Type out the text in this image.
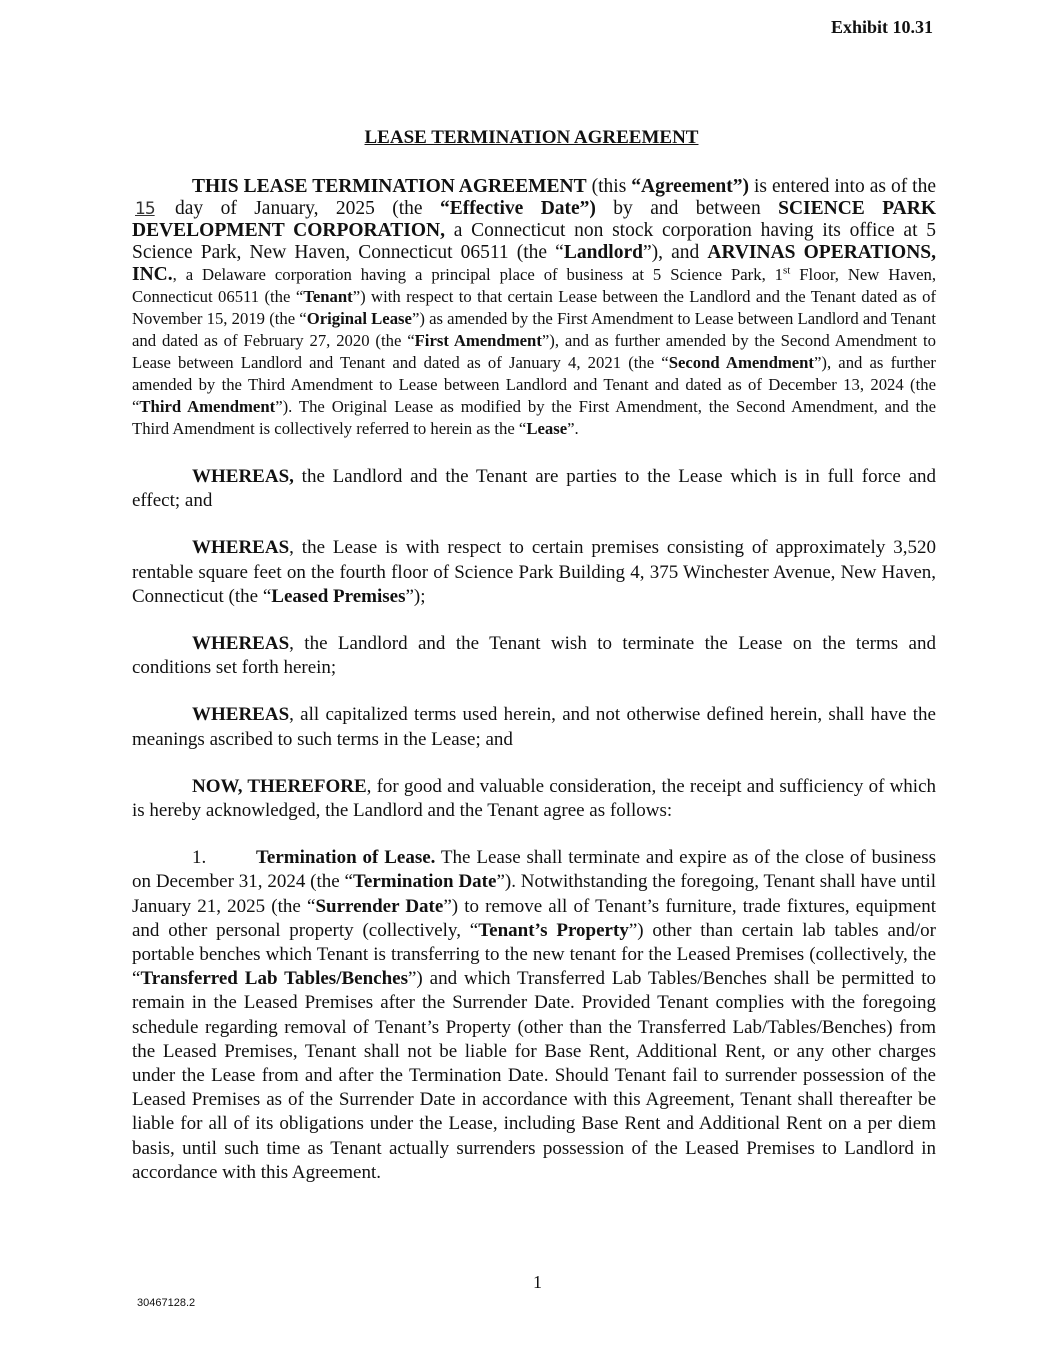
Exhibit 10.31
LEASE TERMINATION AGREEMENT

THIS LEASE TERMINATION AGREEMENT (this “Agreement”) is entered into as of the 15 day of January, 2025 (the “Effective Date”) by and between SCIENCE PARK DEVELOPMENT CORPORATION, a Connecticut non stock corporation having its office at 5 Science Park, New Haven, Connecticut 06511 (the “Landlord”), and ARVINAS OPERATIONS, INC., a Delaware corporation having a principal place of business at 5 Science Park, 1st Floor, New Haven, Connecticut 06511 (the “Tenant”) with respect to that certain Lease between the Landlord and the Tenant dated as of November 15, 2019 (the “Original Lease”) as amended by the First Amendment to Lease between Landlord and Tenant and dated as of February 27, 2020 (the “First Amendment”), and as further amended by the Second Amendment to Lease between Landlord and Tenant and dated as of January 4, 2021 (the “Second Amendment”), and as further amended by the Third Amendment to Lease between Landlord and Tenant and dated as of December 13, 2024 (the “Third Amendment”). The Original Lease as modified by the First Amendment, the Second Amendment, and the Third Amendment is collectively referred to herein as the “Lease”.

WHEREAS, the Landlord and the Tenant are parties to the Lease which is in full force and effect; and

WHEREAS, the Lease is with respect to certain premises consisting of approximately 3,520 rentable square feet on the fourth floor of Science Park Building 4, 375 Winchester Avenue, New Haven, Connecticut (the “Leased Premises”);

WHEREAS, the Landlord and the Tenant wish to terminate the Lease on the terms and conditions set forth herein;

WHEREAS, all capitalized terms used herein, and not otherwise defined herein, shall have the meanings ascribed to such terms in the Lease; and

NOW, THEREFORE, for good and valuable consideration, the receipt and sufficiency of which is hereby acknowledged, the Landlord and the Tenant agree as follows:

1.	Termination of Lease. The Lease shall terminate and expire as of the close of business on December 31, 2024 (the “Termination Date”). Notwithstanding the foregoing, Tenant shall have until January 21, 2025 (the “Surrender Date”) to remove all of Tenant’s furniture, trade fixtures, equipment and other personal property (collectively, “Tenant’s Property”) other than certain lab tables and/or portable benches which Tenant is transferring to the new tenant for the Leased Premises (collectively, the “Transferred Lab Tables/Benches”) and which Transferred Lab Tables/Benches shall be permitted to remain in the Leased Premises after the Surrender Date. Provided Tenant complies with the foregoing schedule regarding removal of Tenant’s Property (other than the Transferred Lab/Tables/Benches) from the Leased Premises, Tenant shall not be liable for Base Rent, Additional Rent, or any other charges under the Lease from and after the Termination Date. Should Tenant fail to surrender possession of the Leased Premises as of the Surrender Date in accordance with this Agreement, Tenant shall thereafter be liable for all of its obligations under the Lease, including Base Rent and Additional Rent on a per diem basis, until such time as Tenant actually surrenders possession of the Leased Premises to Landlord in accordance with this Agreement.

1
30467128.2
